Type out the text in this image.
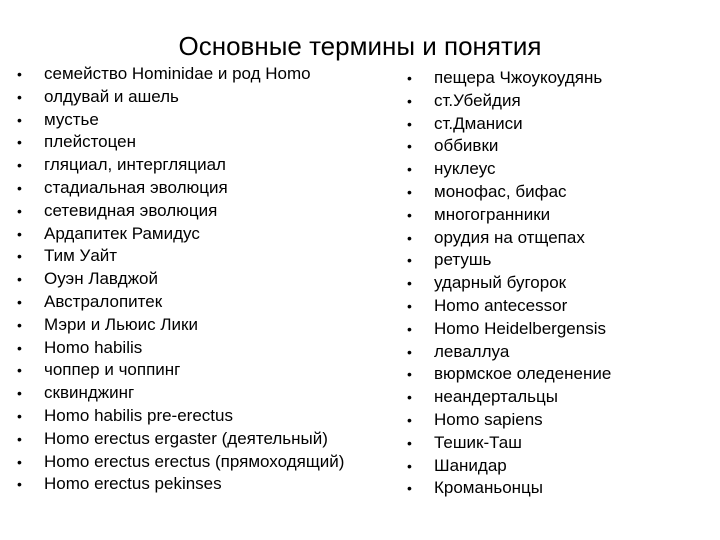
Основные термины и понятия
• семейство Hominidae и род Homo
• олдувай и ашель
• мустье
• плейстоцен
• гляциал, интергляциал
• стадиальная эволюция
• сетевидная эволюция
• Ардапитек Рамидус
• Тим Уайт
• Оуэн Лавджой
• Австралопитек
• Мэри и Льюис Лики
• Homo habilis
• чоппер и чоппинг
• сквинджинг
• Homo habilis pre-erectus
• Homo erectus ergaster (деятельный)
• Homo erectus erectus (прямоходящий)
• Homo erectus pekinses
• пещера Чжоукоудянь
• ст.Убейдия
• ст.Дманиси
• оббивки
• нуклеус
• монофас, бифас
• многогранники
• орудия на отщепах
• ретушь
• ударный бугорок
• Homo antecessor
• Homo Heidelbergensis
• леваллуа
• вюрмское оледенение
• неандертальцы
• Homo sapiens
• Тешик-Таш
• Шанидар
• Кроманьонцы
